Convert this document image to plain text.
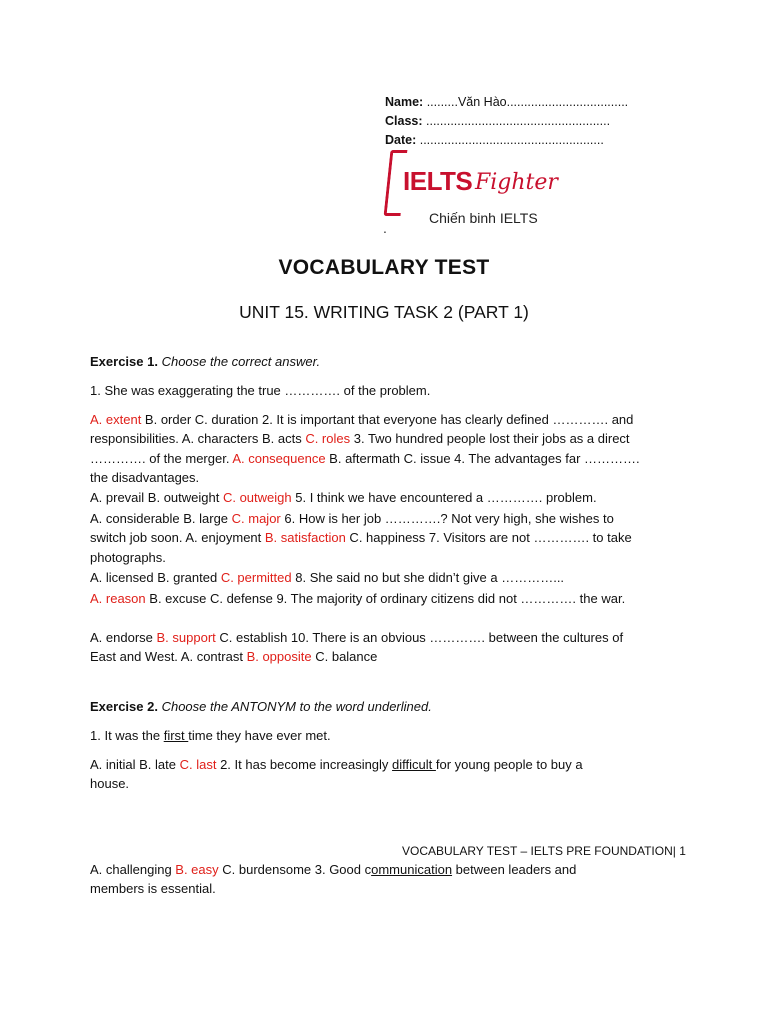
Name: .........Văn Hào...................................
Class: .....................................................
Date: .....................................................
IELTS Fighter
Chiến binh IELTS
.
VOCABULARY TEST
UNIT 15. WRITING TASK 2 (PART 1)
Exercise 1. Choose the correct answer.
1. She was exaggerating the true …………. of the problem.
A. extent B. order C. duration 2. It is important that everyone has clearly defined …………. and responsibilities. A. characters B. acts C. roles 3. Two hundred people lost their jobs as a direct …………. of the merger. A. consequence B. aftermath C. issue 4. The advantages far …………. the disadvantages.
A. prevail B. outweight C. outweigh 5. I think we have encountered a …………. problem.
A. considerable B. large C. major 6. How is her job ………….? Not very high, she wishes to switch job soon. A. enjoyment B. satisfaction C. happiness 7. Visitors are not …………. to take photographs.
A. licensed B. granted C. permitted 8. She said no but she didn’t give a …………...
A. reason B. excuse C. defense 9. The majority of ordinary citizens did not …………. the war.
A. endorse B. support C. establish 10. There is an obvious …………. between the cultures of East and West. A. contrast B. opposite C. balance
Exercise 2. Choose the ANTONYM to the word underlined.
1. It was the first time they have ever met.
A. initial B. late C. last 2. It has become increasingly difficult for young people to buy a house.
VOCABULARY TEST – IELTS PRE FOUNDATION| 1
A. challenging B. easy C. burdensome 3. Good communication between leaders and members is essential.
